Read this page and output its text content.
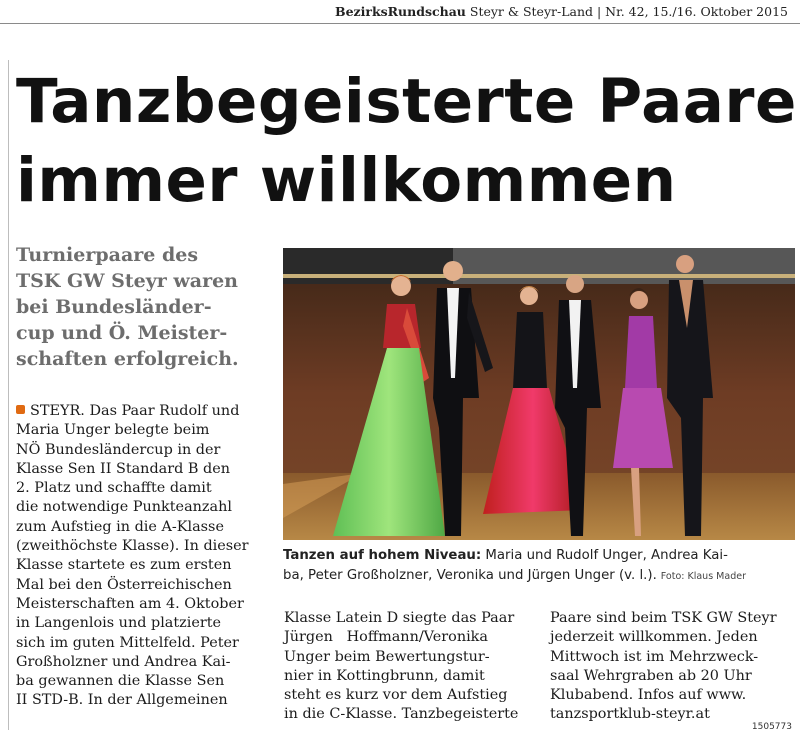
BezirksRundschau Steyr & Steyr-Land | Nr. 42, 15./16. Oktober 2015
Tanzbegeisterte Paare
immer willkommen
Turnierpaare des
TSK GW Steyr waren
bei Bundesländer-
cup und Ö. Meister-
schaften erfolgreich.
STEYR. Das Paar Rudolf und
Maria Unger belegte beim
NÖ Bundesländercup in der
Klasse Sen II Standard B den
2. Platz und schaffte damit
die notwendige Punkteanzahl
zum Aufstieg in die A-Klasse
(zweithöchste Klasse). In dieser
Klasse startete es zum ersten
Mal bei den Österreichischen
Meisterschaften am 4. Oktober
in Langenlois und platzierte
sich im guten Mittelfeld. Peter
Großholzner und Andrea Kai-
ba gewannen die Klasse Sen
II STD-B. In der Allgemeinen
Tanzen auf hohem Niveau: Maria und Rudolf Unger, Andrea Kai-
ba, Peter Großholzner, Veronika und Jürgen Unger (v. l.). Foto: Klaus Mader
Klasse Latein D siegte das Paar
Jürgen   Hoffmann/Veronika
Unger beim Bewertungstur-
nier in Kottingbrunn, damit
steht es kurz vor dem Aufstieg
in die C-Klasse. Tanzbegeisterte
Paare sind beim TSK GW Steyr
jederzeit willkommen. Jeden
Mittwoch ist im Mehrzweck-
saal Wehrgraben ab 20 Uhr
Klubabend. Infos auf www.
tanzsportklub-steyr.at
1505773
